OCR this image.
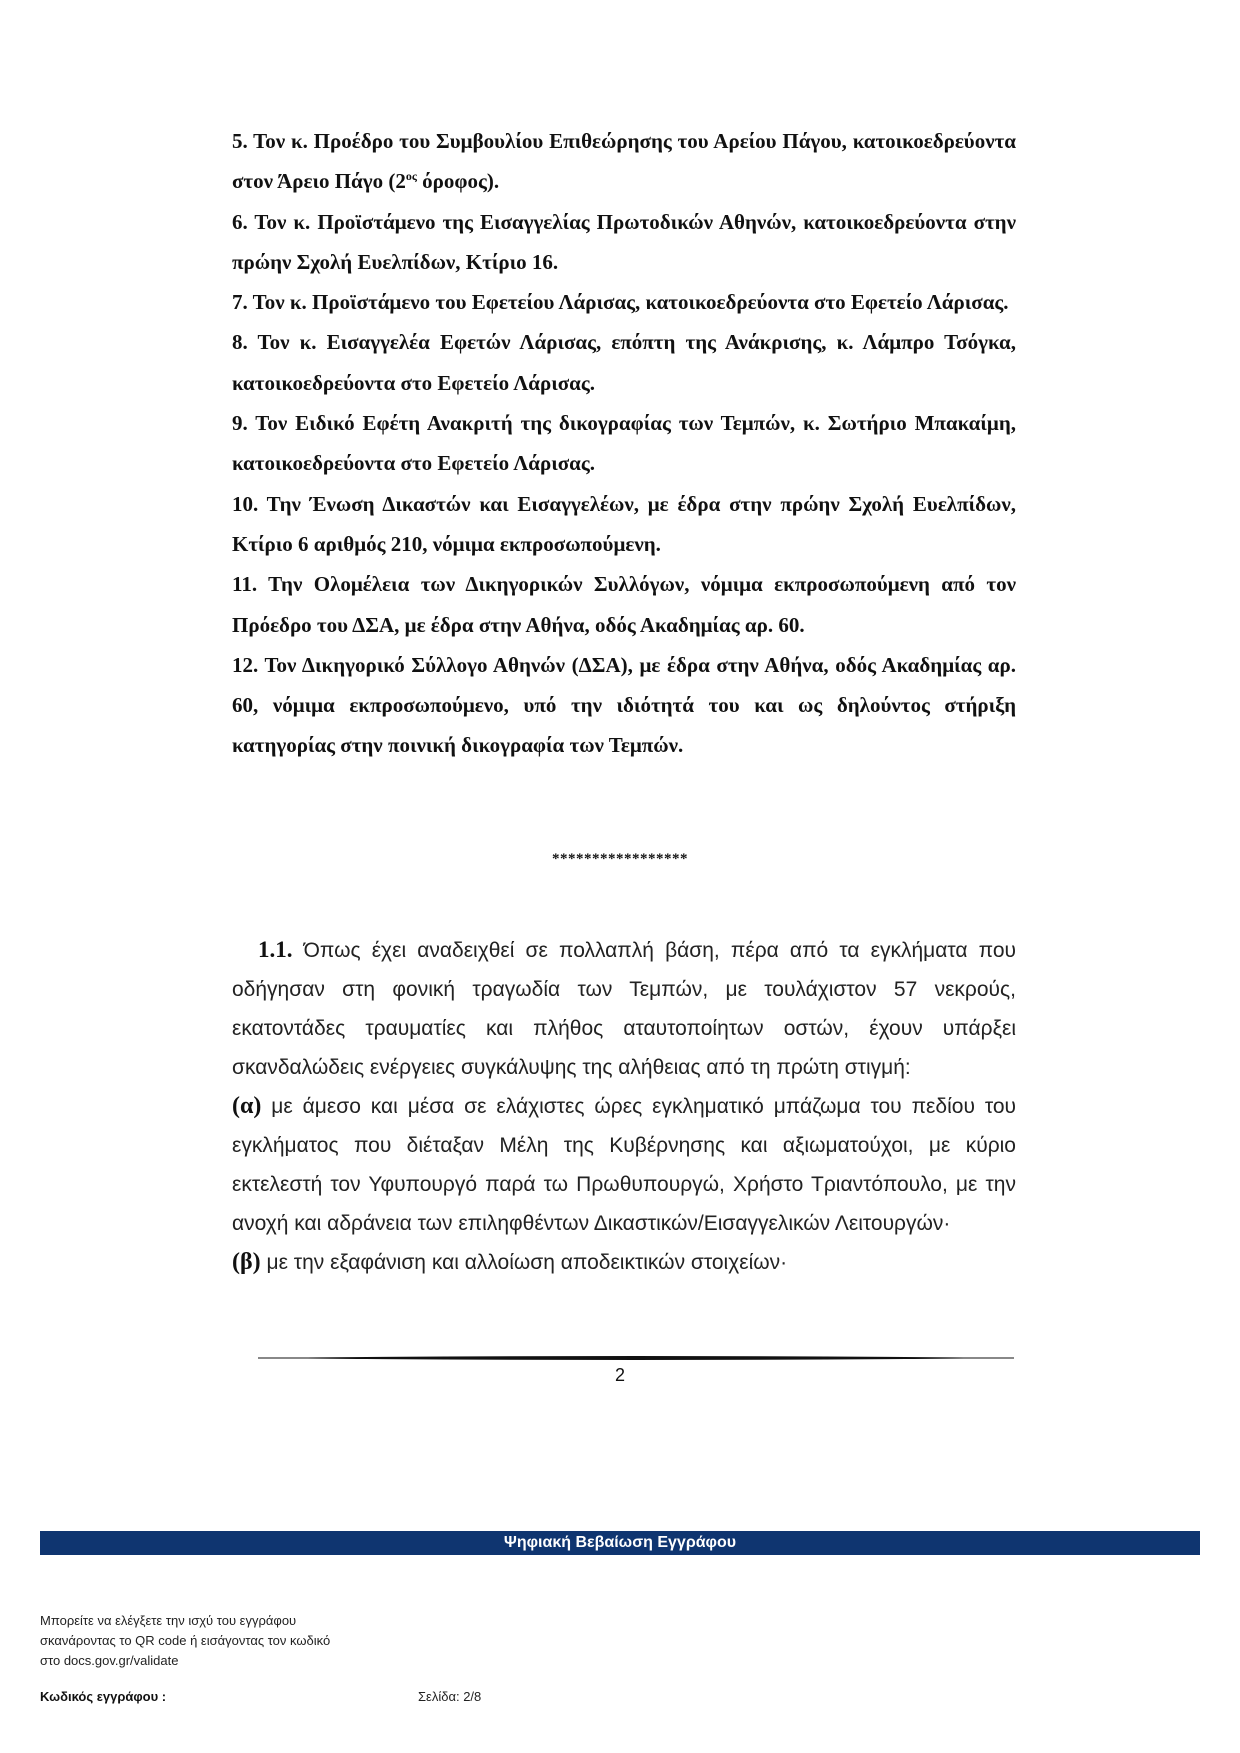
5. Τον κ. Προέδρο του Συμβουλίου Επιθεώρησης του Αρείου Πάγου, κατοικοεδρεύοντα στον Άρειο Πάγο ($2^{o\varsigma}$ όροφος).

6. Τον κ. Προϊστάμενο της Εισαγγελίας Πρωτοδικών Αθηνών, κατοικοεδρεύοντα στην πρώην Σχολή Ευελπίδων, Κτίριο 16.

7. Τον κ. Προϊστάμενο του Εφετείου Λάρισας, κατοικοεδρεύοντα στο Εφετείο Λάρισας.

8. Τον κ. Εισαγγελέα Εφετών Λάρισας, επόπτη της Ανάκρισης, κ. Λάμπρο Τσόγκα, κατοικοεδρεύοντα στο Εφετείο Λάρισας.

9. Τον Ειδικό Εφέτη Ανακριτή της δικογραφίας των Τεμπών, κ. Σωτήριο Μπακαίμη, κατοικοεδρεύοντα στο Εφετείο Λάρισας.

10. Την Ένωση Δικαστών και Εισαγγελέων, με έδρα στην πρώην Σχολή Ευελπίδων, Κτίριο 6 αριθμός 210, νόμιμα εκπροσωπούμενη.

11. Την Ολομέλεια των Δικηγορικών Συλλόγων, νόμιμα εκπροσωπούμενη από τον Πρόεδρο του ΔΣΑ, με έδρα στην Αθήνα, οδός Ακαδημίας αρ. 60.

12. Τον Δικηγορικό Σύλλογο Αθηνών (ΔΣΑ), με έδρα στην Αθήνα, οδός Ακαδημίας αρ. 60, νόμιμα εκπροσωπούμενο, υπό την ιδιότητά του και ως δηλούντος στήριξη κατηγορίας στην ποινική δικογραφία των Τεμπών.

*****************

1.1. Όπως έχει αναδειχθεί σε πολλαπλή βάση, πέρα από τα εγκλήματα που οδήγησαν στη φονική τραγωδία των Τεμπών, με τουλάχιστον 57 νεκρούς, εκατοντάδες τραυματίες και πλήθος αταυτοποίητων οστών, έχουν υπάρξει σκανδαλώδεις ενέργειες συγκάλυψης της αλήθειας από τη πρώτη στιγμή:

(α) με άμεσο και μέσα σε ελάχιστες ώρες εγκληματικό μπάζωμα του πεδίου του εγκλήματος που διέταξαν Μέλη της Κυβέρνησης και αξιωματούχοι, με κύριο εκτελεστή τον Υφυπουργό παρά τω Πρωθυπουργώ, Χρήστο Τριαντόπουλο, με την ανοχή και αδράνεια των επιληφθέντων Δικαστικών/Εισαγγελικών Λειτουργών·

(β) με την εξαφάνιση και αλλοίωση αποδεικτικών στοιχείων·

2
Ψηφιακή Βεβαίωση Εγγράφου
Μπορείτε να ελέγξετε την ισχύ του εγγράφου
σκανάροντας το QR code ή εισάγοντας τον κωδικό
στο docs.gov.gr/validate
Κωδικός εγγράφου :	Σελίδα: 2/8
